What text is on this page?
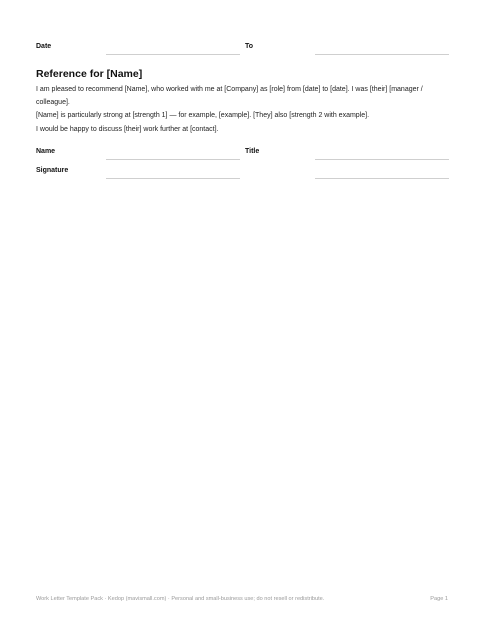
Date	To
Reference for [Name]
I am pleased to recommend [Name], who worked with me at [Company] as [role] from [date] to [date]. I was [their] [manager / colleague].
[Name] is particularly strong at [strength 1] — for example, [example]. [They] also [strength 2 with example].
I would be happy to discuss [their] work further at [contact].
Name	Title
Signature
Work Letter Template Pack · Kedop (mavismall.com) · Personal and small-business use; do not resell or redistribute.	Page 1
